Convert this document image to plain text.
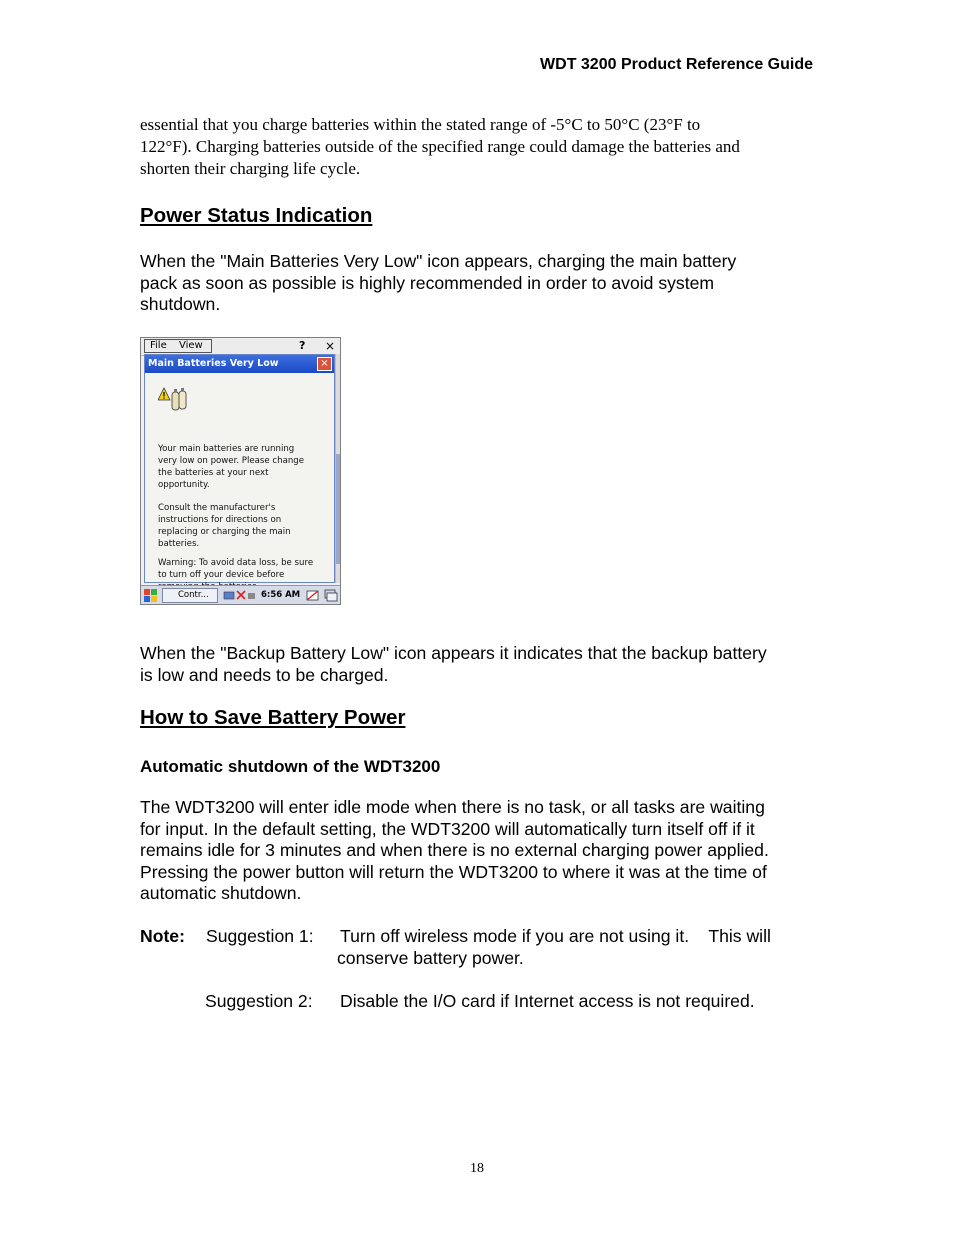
WDT 3200 Product Reference Guide
essential that you charge batteries within the stated range of -5°C to 50°C (23°F to
122°F). Charging batteries outside of the specified range could damage the batteries and
shorten their charging life cycle.
Power Status Indication
When the "Main Batteries Very Low" icon appears, charging the main battery
pack as soon as possible is highly recommended in order to avoid system
shutdown.
File View	? ×
Main Batteries Very Low	×
Your main batteries are running
very low on power. Please change
the batteries at your next
opportunity.
Consult the manufacturer's
instructions for directions on
replacing or charging the main
batteries.
Warning: To avoid data loss, be sure
to turn off your device before
Contr...	6:56 AM
When the "Backup Battery Low" icon appears it indicates that the backup battery
is low and needs to be charged.
How to Save Battery Power
Automatic shutdown of the WDT3200
The WDT3200 will enter idle mode when there is no task, or all tasks are waiting
for input. In the default setting, the WDT3200 will automatically turn itself off if it
remains idle for 3 minutes and when there is no external charging power applied.
Pressing the power button will return the WDT3200 to where it was at the time of
automatic shutdown.
Note: Suggestion 1: Turn off wireless mode if you are not using it.    This will
conserve battery power.
Suggestion 2: Disable the I/O card if Internet access is not required.
18
